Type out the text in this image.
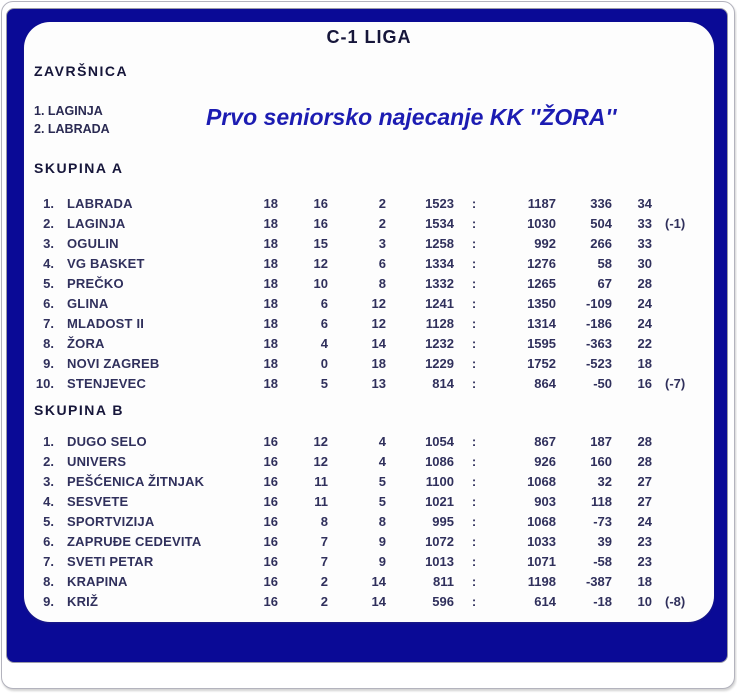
C-1 LIGA
ZAVRŠNICA
1. LAGINJA
2. LABRADA	Prvo seniorsko najecanje KK ''ŽORA''
SKUPINA A
1.	LABRADA	18	16	2	1523	:	1187	336	34
2.	LAGINJA	18	16	2	1534	:	1030	504	33	(-1)
3.	OGULIN	18	15	3	1258	:	992	266	33
4.	VG BASKET	18	12	6	1334	:	1276	58	30
5.	PREČKO	18	10	8	1332	:	1265	67	28
6.	GLINA	18	6	12	1241	:	1350	-109	24
7.	MLADOST II	18	6	12	1128	:	1314	-186	24
8.	ŽORA	18	4	14	1232	:	1595	-363	22
9.	NOVI ZAGREB	18	0	18	1229	:	1752	-523	18
10.	STENJEVEC	18	5	13	814	:	864	-50	16	(-7)
SKUPINA B
1.	DUGO SELO	16	12	4	1054	:	867	187	28
2.	UNIVERS	16	12	4	1086	:	926	160	28
3.	PEŠĆENICA ŽITNJAK	16	11	5	1100	:	1068	32	27
4.	SESVETE	16	11	5	1021	:	903	118	27
5.	SPORTVIZIJA	16	8	8	995	:	1068	-73	24
6.	ZAPRUĐE CEDEVITA	16	7	9	1072	:	1033	39	23
7.	SVETI PETAR	16	7	9	1013	:	1071	-58	23
8.	KRAPINA	16	2	14	811	:	1198	-387	18
9.	KRIŽ	16	2	14	596	:	614	-18	10	(-8)
